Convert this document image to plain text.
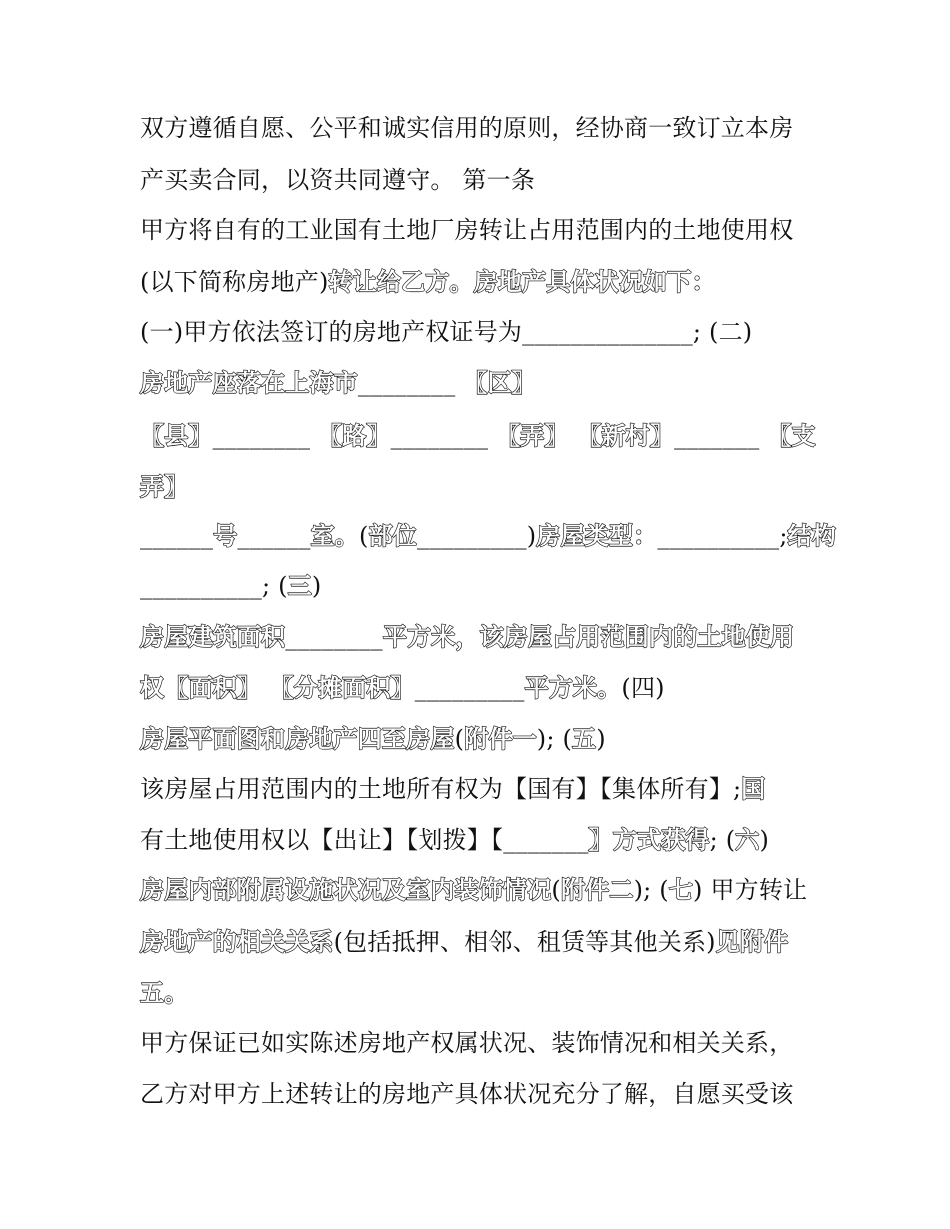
双方遵循自愿、公平和诚实信用的原则，经协商一致订立本房
产买卖合同，以资共同遵守。 第一条
甲方将自有的工业国有土地厂房转让占用范围内的土地使用权
(以下简称房地产)转让给乙方。房地产具体状况如下：
(一)甲方依法签订的房地产权证号为______________; (二)
房地产座落在上海市________ 〖区〗
〖县〗________ 〖路〗________ 〖弄〗 〖新村〗_______ 〖支
弄〗
______号______室。(部位_________)房屋类型：__________;结构
__________; (三)
房屋建筑面积________平方米，该房屋占用范围内的土地使用
权〖面积〗 〖分摊面积〗_________平方米。(四)
房屋平面图和房地产四至房屋(附件一); (五)
该房屋占用范围内的土地所有权为【国有】【集体所有】;国
有土地使用权以【出让】【划拨】【_______〗方式获得; (六)
房屋内部附属设施状况及室内装饰情况(附件二); (七) 甲方转让
房地产的相关关系(包括抵押、相邻、租赁等其他关系)见附件
五。
甲方保证已如实陈述房地产权属状况、装饰情况和相关关系，
乙方对甲方上述转让的房地产具体状况充分了解，自愿买受该
